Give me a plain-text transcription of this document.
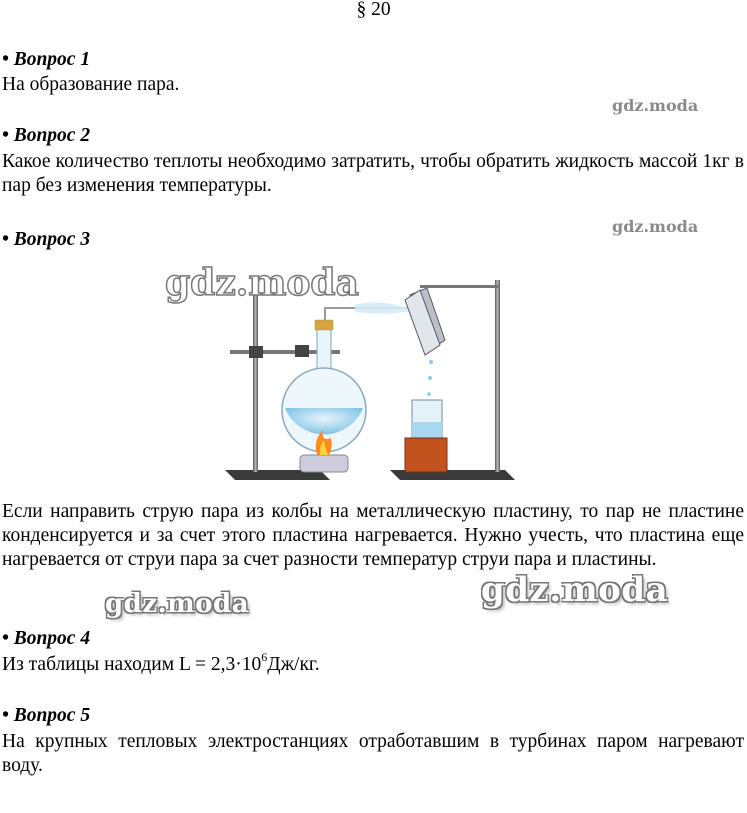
§ 20
• Вопрос 1
На образование пара.
gdz.moda
• Вопрос 2
Какое количество теплоты необходимо затратить, чтобы обратить жидкость массой 1кг в пар без изменения температуры.
gdz.moda
• Вопрос 3
gdz.moda
Если направить струю пара из колбы на металлическую пластину, то пар не пластине конденсируется и за счет этого пластина нагревается. Нужно учесть, что пластина еще нагревается от струи пара за счет разности температур струи пара и пластины.
gdz.moda	gdz.moda
• Вопрос 4
Из таблицы находим $L = 2,3\cdot 10^6Дж/кг$.
• Вопрос 5
На крупных тепловых электростанциях отработавшим в турбинах паром нагревают воду.
